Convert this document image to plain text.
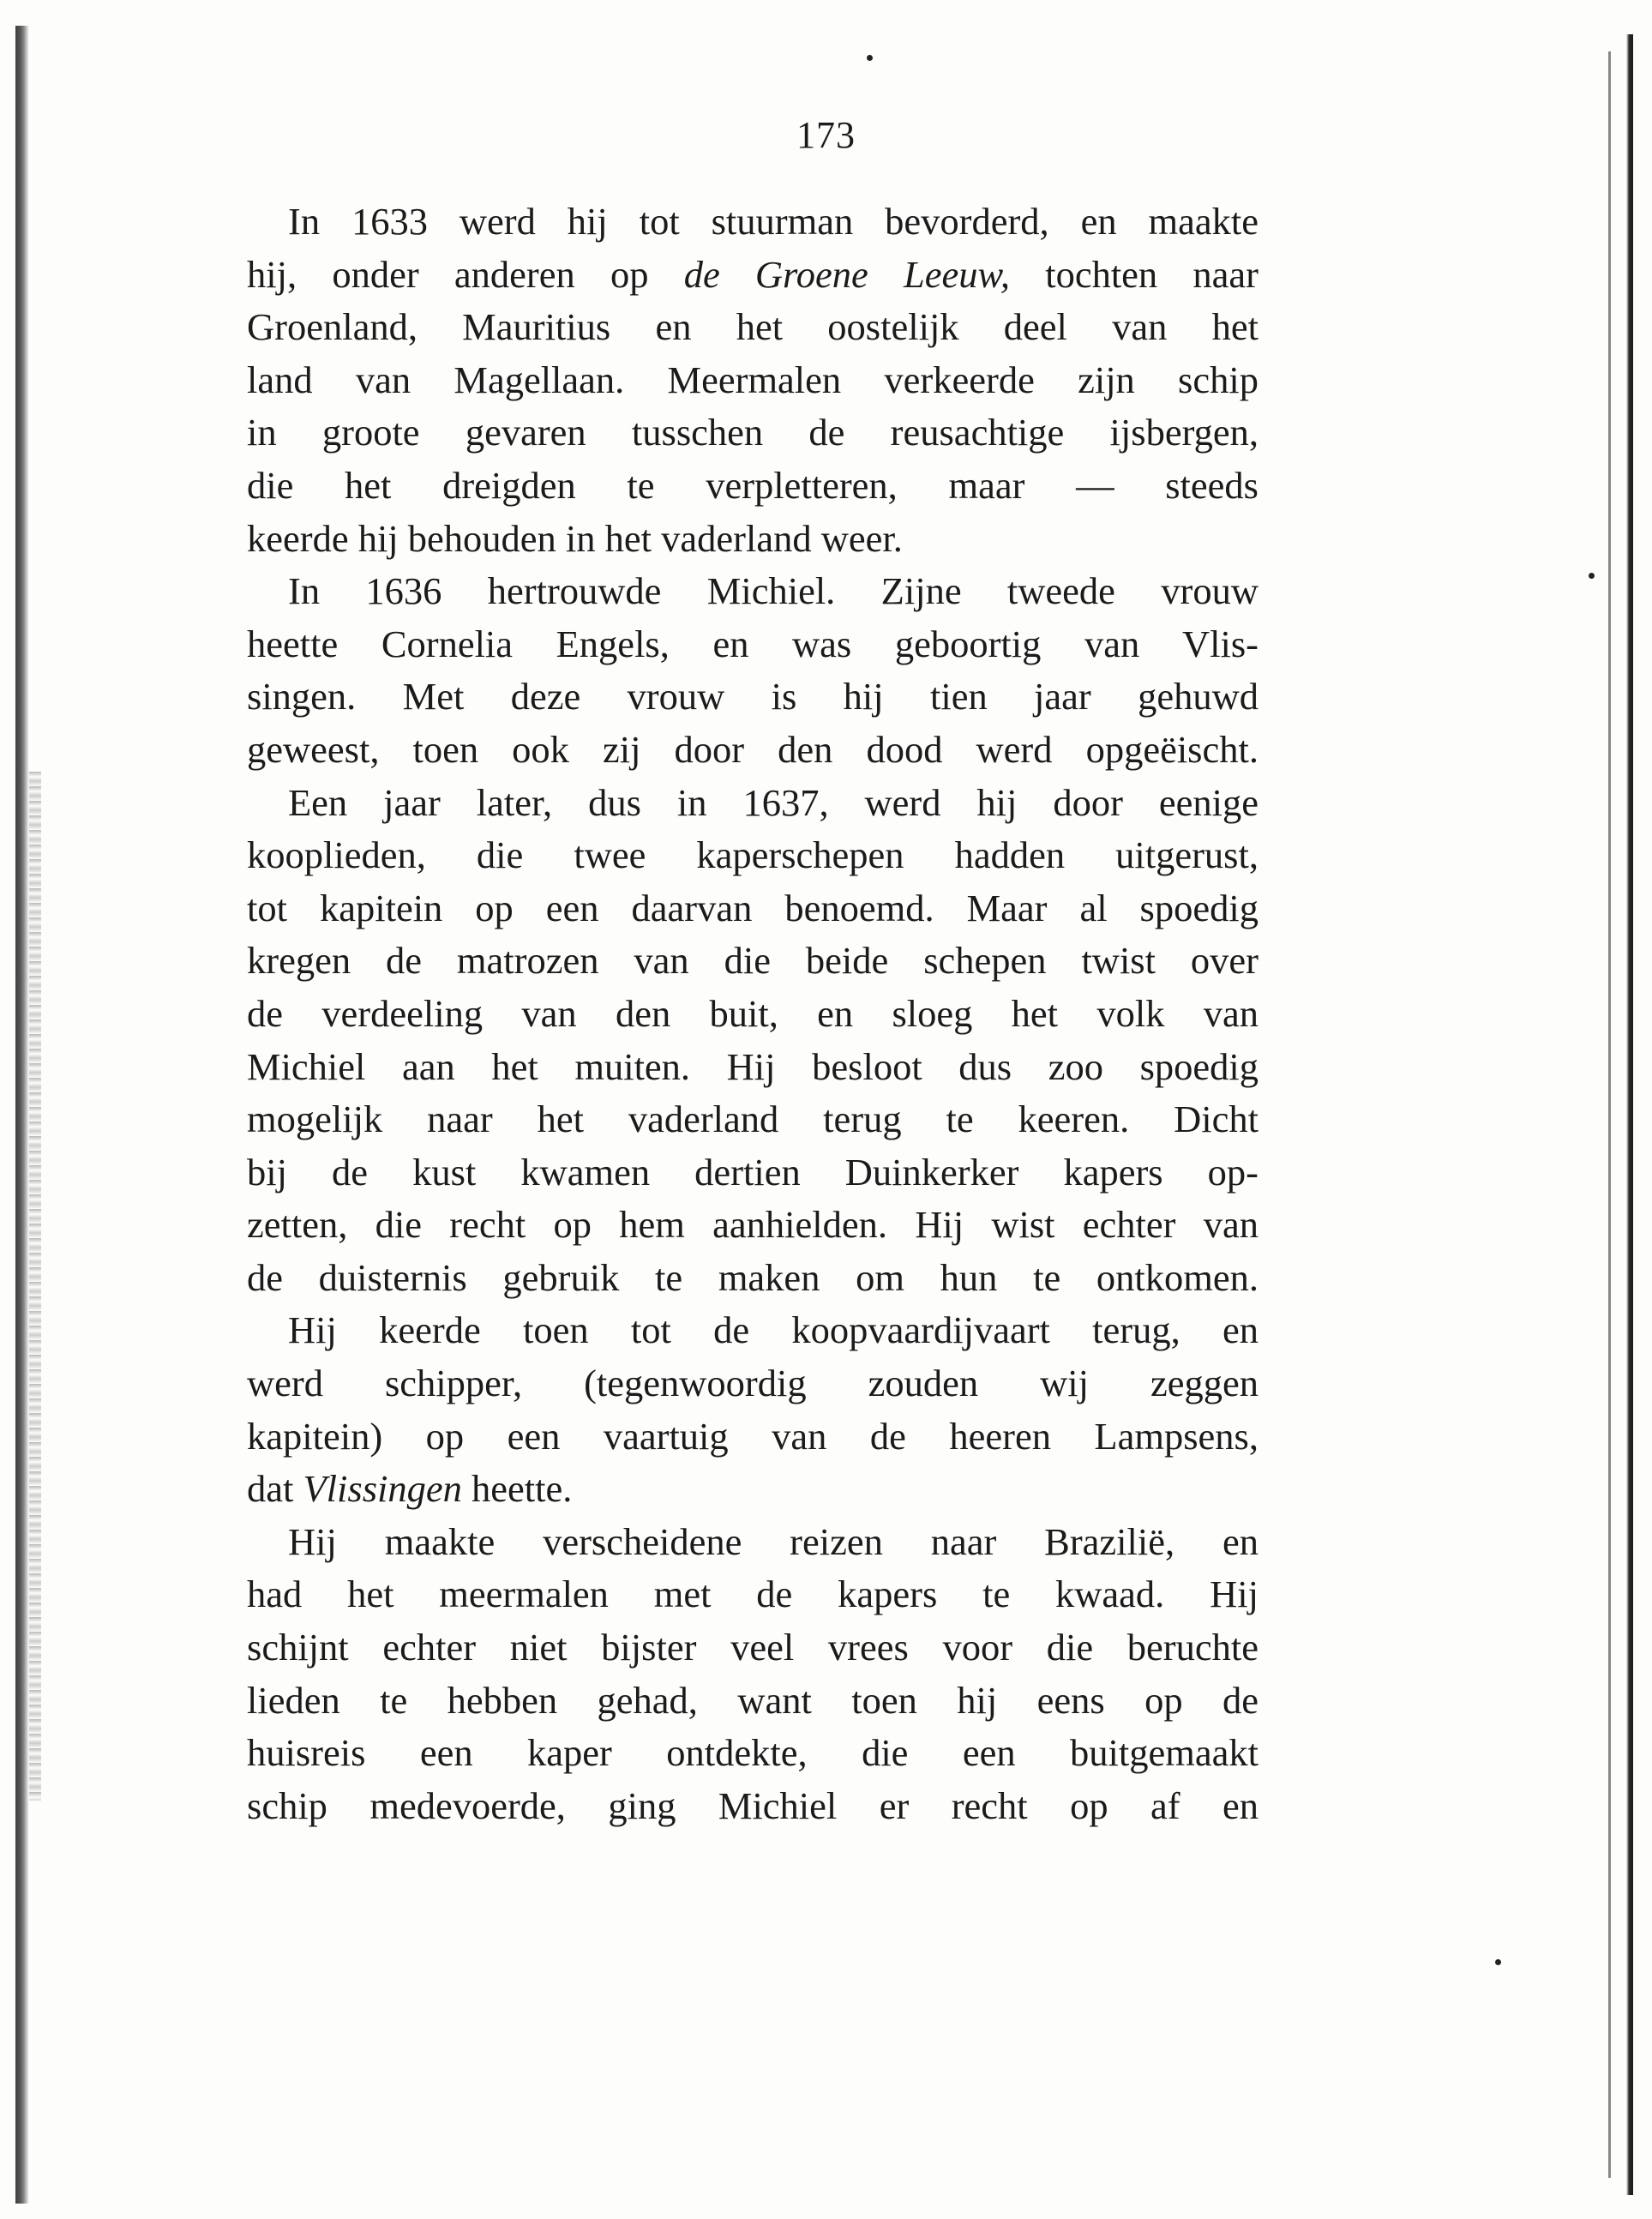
173
In 1633 werd hij tot stuurman bevorderd, en maakte
hij, onder anderen op de Groene Leeuw, tochten naar
Groenland, Mauritius en het oostelijk deel van het
land van Magellaan. Meermalen verkeerde zijn schip
in groote gevaren tusschen de reusachtige ijsbergen,
die het dreigden te verpletteren, maar — steeds
keerde hij behouden in het vaderland weer.
In 1636 hertrouwde Michiel. Zijne tweede vrouw
heette Cornelia Engels, en was geboortig van Vlis-
singen. Met deze vrouw is hij tien jaar gehuwd
geweest, toen ook zij door den dood werd opgeëischt.
Een jaar later, dus in 1637, werd hij door eenige
kooplieden, die twee kaperschepen hadden uitgerust,
tot kapitein op een daarvan benoemd. Maar al spoedig
kregen de matrozen van die beide schepen twist over
de verdeeling van den buit, en sloeg het volk van
Michiel aan het muiten. Hij besloot dus zoo spoedig
mogelijk naar het vaderland terug te keeren. Dicht
bij de kust kwamen dertien Duinkerker kapers op-
zetten, die recht op hem aanhielden. Hij wist echter van
de duisternis gebruik te maken om hun te ontkomen.
Hij keerde toen tot de koopvaardijvaart terug, en
werd schipper, (tegenwoordig zouden wij zeggen
kapitein) op een vaartuig van de heeren Lampsens,
dat Vlissingen heette.
Hij maakte verscheidene reizen naar Brazilië, en
had het meermalen met de kapers te kwaad. Hij
schijnt echter niet bijster veel vrees voor die beruchte
lieden te hebben gehad, want toen hij eens op de
huisreis een kaper ontdekte, die een buitgemaakt
schip medevoerde, ging Michiel er recht op af en
